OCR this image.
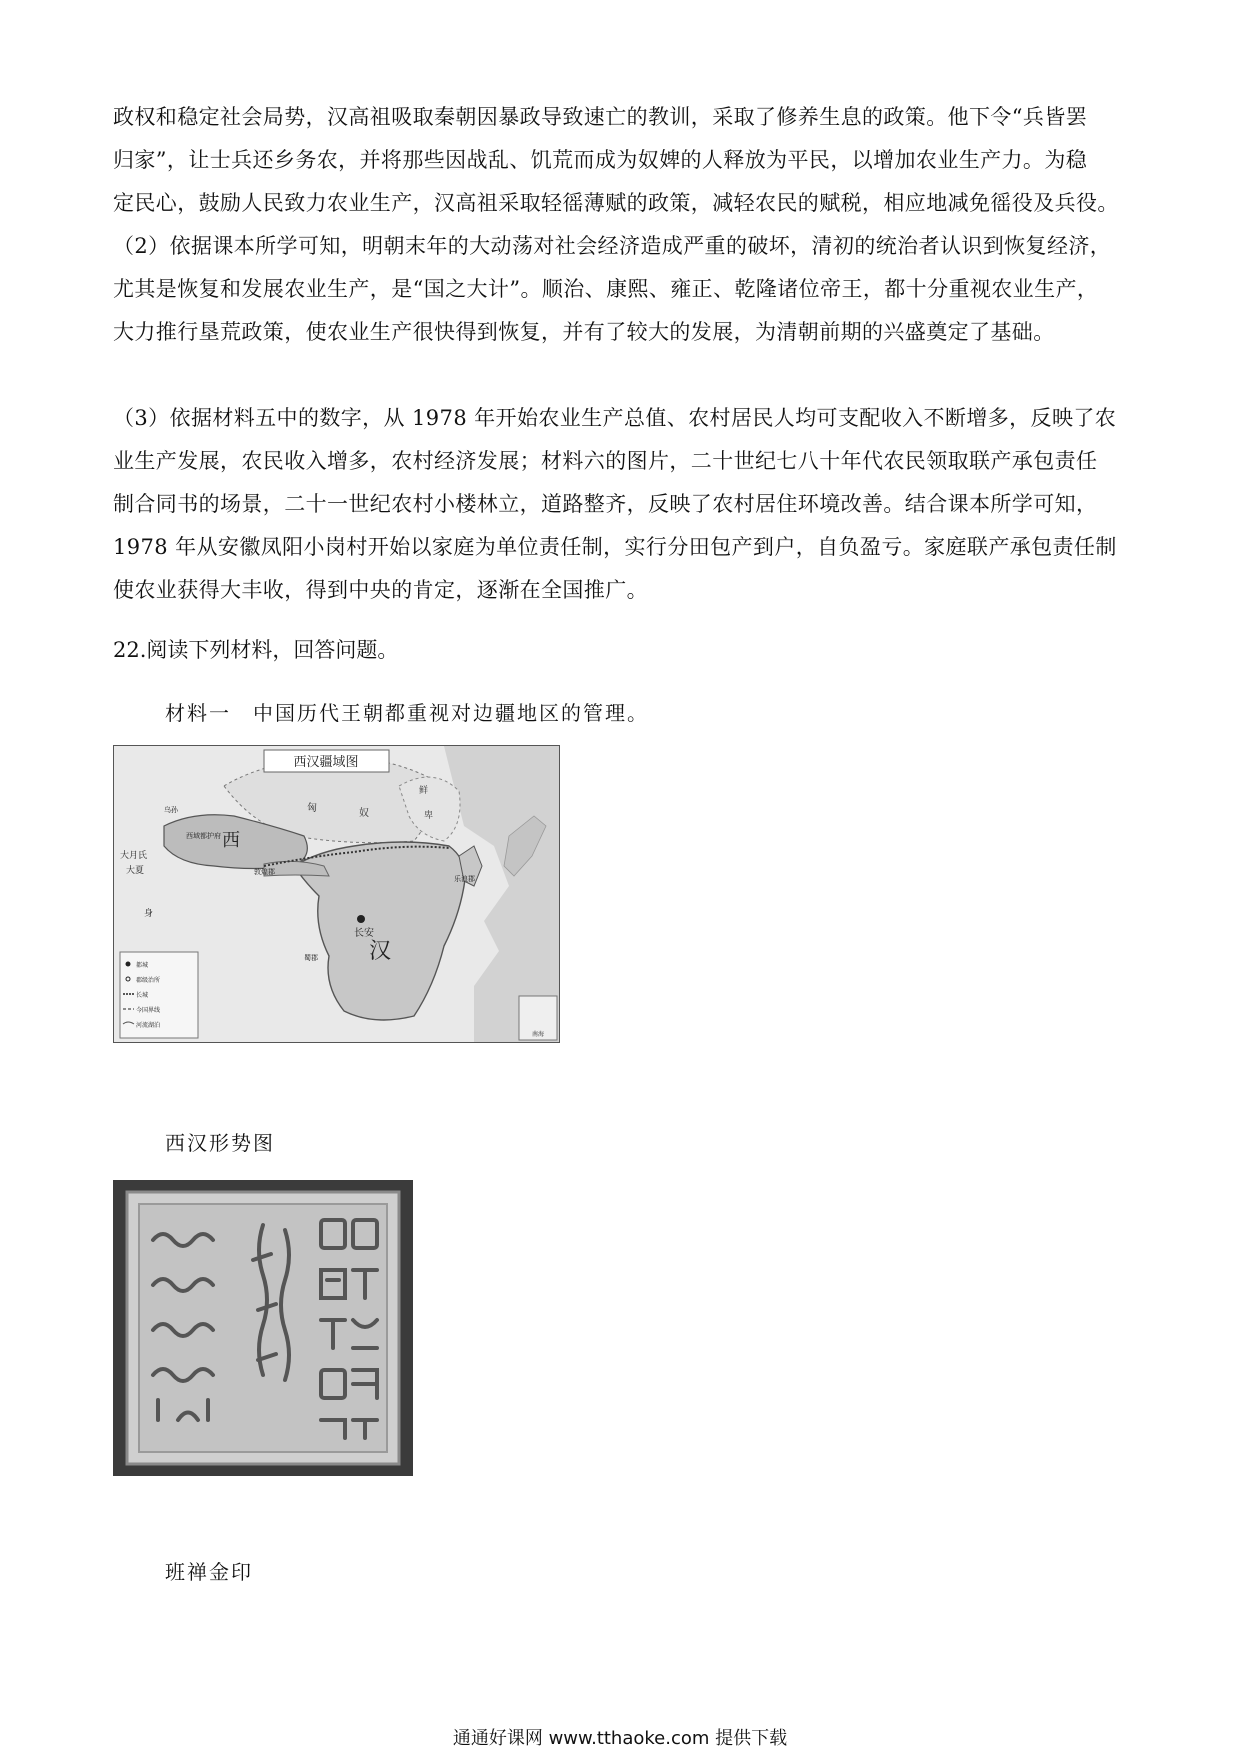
政权和稳定社会局势，汉高祖吸取秦朝因暴政导致速亡的教训，采取了修养生息的政策。他下令“兵皆罢
归家”，让士兵还乡务农，并将那些因战乱、饥荒而成为奴婢的人释放为平民，以增加农业生产力。为稳
定民心，鼓励人民致力农业生产，汉高祖采取轻徭薄赋的政策，减轻农民的赋税，相应地减免徭役及兵役。
（2）依据课本所学可知，明朝末年的大动荡对社会经济造成严重的破坏，清初的统治者认识到恢复经济，
尤其是恢复和发展农业生产，是“国之大计”。顺治、康熙、雍正、乾隆诸位帝王，都十分重视农业生产，
大力推行垦荒政策，使农业生产很快得到恢复，并有了较大的发展，为清朝前期的兴盛奠定了基础。
（3）依据材料五中的数字，从 1978 年开始农业生产总值、农村居民人均可支配收入不断增多，反映了农
业生产发展，农民收入增多，农村经济发展；材料六的图片，二十世纪七八十年代农民领取联产承包责任
制合同书的场景，二十一世纪农村小楼林立，道路整齐，反映了农村居住环境改善。结合课本所学可知，
1978 年从安徽凤阳小岗村开始以家庭为单位责任制，实行分田包产到户，自负盈亏。家庭联产承包责任制
使农业获得大丰收，得到中央的肯定，逐渐在全国推广。
22.阅读下列材料，回答问题。
材料一　中国历代王朝都重视对边疆地区的管理。
西汉疆域图
匈	奴
鲜
卑
西
汉
长安
西域都护府
敦煌郡
大月氏
大夏
身
乌孙
乐浪郡
蜀郡
都城
郡级治所
长城
今国界线
河流湖泊
南海
西汉形势图
班禅金印
通通好课网 www.tthaoke.com 提供下载
